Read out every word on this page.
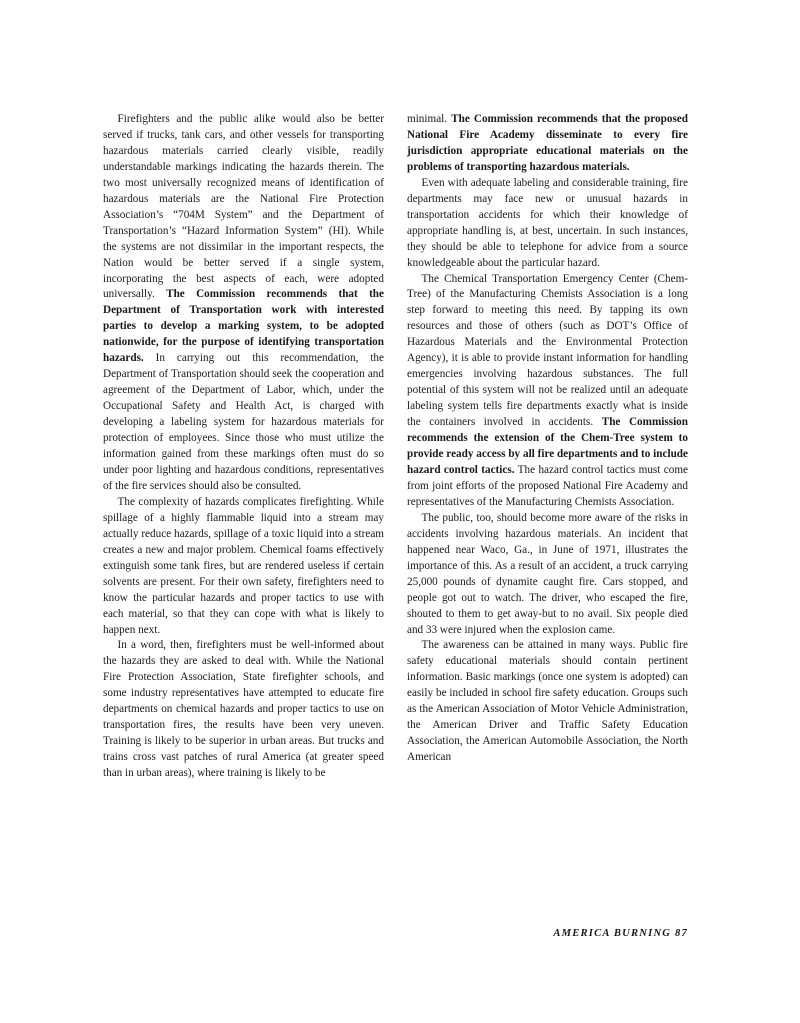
Firefighters and the public alike would also be better served if trucks, tank cars, and other vessels for transporting hazardous materials carried clearly visible, readily understandable markings indicating the hazards therein. The two most universally recognized means of identification of hazardous materials are the National Fire Protection Association’s “704M System” and the Department of Transportation’s “Hazard Information System” (HI). While the systems are not dissimilar in the important respects, the Nation would be better served if a single system, incorporating the best aspects of each, were adopted universally. The Commission recommends that the Department of Transportation work with interested parties to develop a marking system, to be adopted nationwide, for the purpose of identifying transportation hazards. In carrying out this recommendation, the Department of Transportation should seek the cooperation and agreement of the Department of Labor, which, under the Occupational Safety and Health Act, is charged with developing a labeling system for hazardous materials for protection of employees. Since those who must utilize the information gained from these markings often must do so under poor lighting and hazardous conditions, representatives of the fire services should also be consulted.

The complexity of hazards complicates firefighting. While spillage of a highly flammable liquid into a stream may actually reduce hazards, spillage of a toxic liquid into a stream creates a new and major problem. Chemical foams effectively extinguish some tank fires, but are rendered useless if certain solvents are present. For their own safety, firefighters need to know the particular hazards and proper tactics to use with each material, so that they can cope with what is likely to happen next.

In a word, then, firefighters must be well-informed about the hazards they are asked to deal with. While the National Fire Protection Association, State firefighter schools, and some industry representatives have attempted to educate fire departments on chemical hazards and proper tactics to use on transportation fires, the results have been very uneven. Training is likely to be superior in urban areas. But trucks and trains cross vast patches of rural America (at greater speed than in urban areas), where training is likely to be

minimal. The Commission recommends that the proposed National Fire Academy disseminate to every fire jurisdiction appropriate educational materials on the problems of transporting hazardous materials.

Even with adequate labeling and considerable training, fire departments may face new or unusual hazards in transportation accidents for which their knowledge of appropriate handling is, at best, uncertain. In such instances, they should be able to telephone for advice from a source knowledgeable about the particular hazard.

The Chemical Transportation Emergency Center (Chem-Tree) of the Manufacturing Chemists Association is a long step forward to meeting this need. By tapping its own resources and those of others (such as DOT’s Office of Hazardous Materials and the Environmental Protection Agency), it is able to provide instant information for handling emergencies involving hazardous substances. The full potential of this system will not be realized until an adequate labeling system tells fire departments exactly what is inside the containers involved in accidents. The Commission recommends the extension of the Chem-Tree system to provide ready access by all fire departments and to include hazard control tactics. The hazard control tactics must come from joint efforts of the proposed National Fire Academy and representatives of the Manufacturing Chemists Association.

The public, too, should become more aware of the risks in accidents involving hazardous materials. An incident that happened near Waco, Ga., in June of 1971, illustrates the importance of this. As a result of an accident, a truck carrying 25,000 pounds of dynamite caught fire. Cars stopped, and people got out to watch. The driver, who escaped the fire, shouted to them to get away-but to no avail. Six people died and 33 were injured when the explosion came.

The awareness can be attained in many ways. Public fire safety educational materials should contain pertinent information. Basic markings (once one system is adopted) can easily be included in school fire safety education. Groups such as the American Association of Motor Vehicle Administration, the American Driver and Traffic Safety Education Association, the American Automobile Association, the North American

AMERICA BURNING 87
